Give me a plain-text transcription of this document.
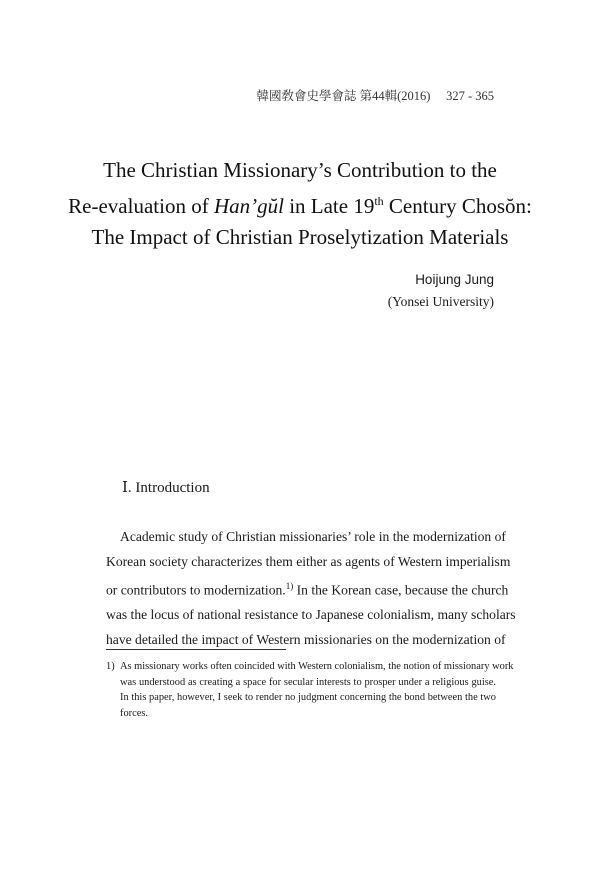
韓國敎會史學會誌 第44輯(2016) 327 - 365
The Christian Missionary’s Contribution to the
Re-evaluation of Han’gŭl in Late 19th Century Chosŏn:
The Impact of Christian Proselytization Materials
Hoijung Jung
(Yonsei University)
Ⅰ. Introduction
Academic study of Christian missionaries’ role in the modernization of
Korean society characterizes them either as agents of Western imperialism
or contributors to modernization.$^{1)}$ In the Korean case, because the church
was the locus of national resistance to Japanese colonialism, many scholars
have detailed the impact of Western missionaries on the modernization of
1) As missionary works often coincided with Western colonialism, the notion of missionary work
was understood as creating a space for secular interests to prosper under a religious guise.
In this paper, however, I seek to render no judgment concerning the bond between the two
forces.
